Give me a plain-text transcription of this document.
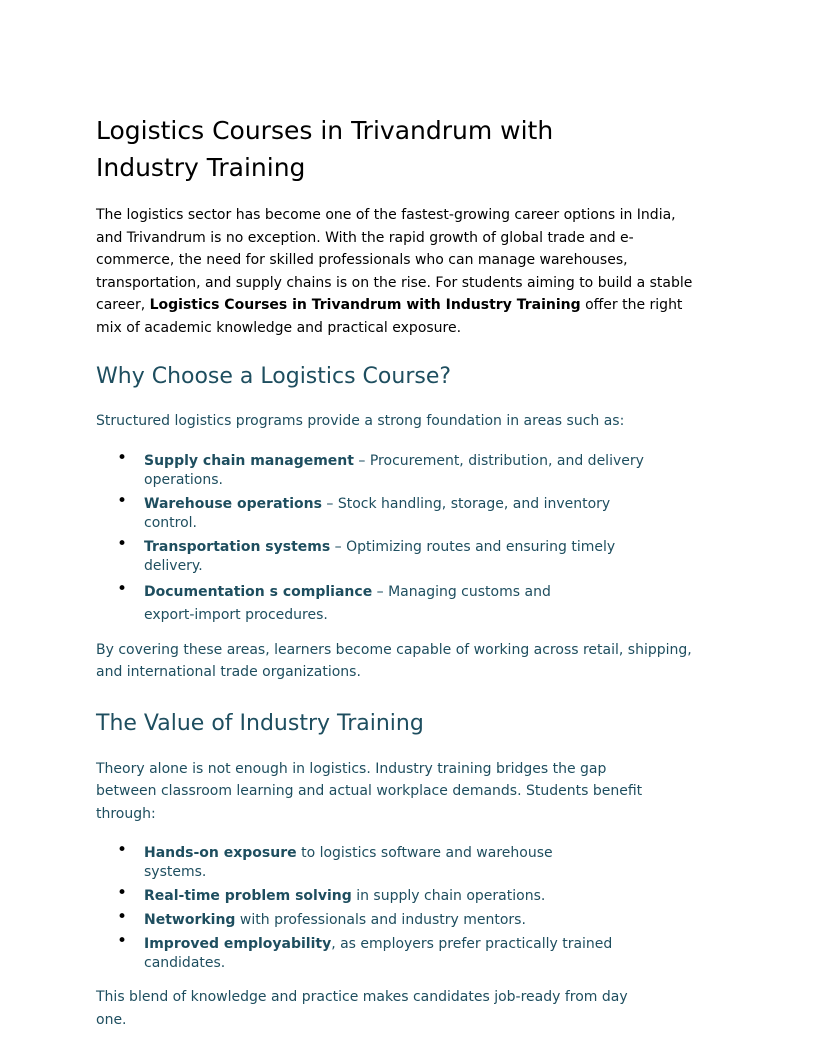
Logistics Courses in Trivandrum with
Industry Training

The logistics sector has become one of the fastest-growing career options in India, and Trivandrum is no exception. With the rapid growth of global trade and e-commerce, the need for skilled professionals who can manage warehouses, transportation, and supply chains is on the rise. For students aiming to build a stable career, Logistics Courses in Trivandrum with Industry Training offer the right mix of academic knowledge and practical exposure.

Why Choose a Logistics Course?

Structured logistics programs provide a strong foundation in areas such as:

• Supply chain management – Procurement, distribution, and delivery operations.
• Warehouse operations – Stock handling, storage, and inventory control.
• Transportation systems – Optimizing routes and ensuring timely delivery.
• Documentation s compliance – Managing customs and export-import procedures.

By covering these areas, learners become capable of working across retail, shipping, and international trade organizations.

The Value of Industry Training

Theory alone is not enough in logistics. Industry training bridges the gap between classroom learning and actual workplace demands. Students benefit through:

• Hands-on exposure to logistics software and warehouse systems.
• Real-time problem solving in supply chain operations.
• Networking with professionals and industry mentors.
• Improved employability, as employers prefer practically trained candidates.

This blend of knowledge and practice makes candidates job-ready from day one.
